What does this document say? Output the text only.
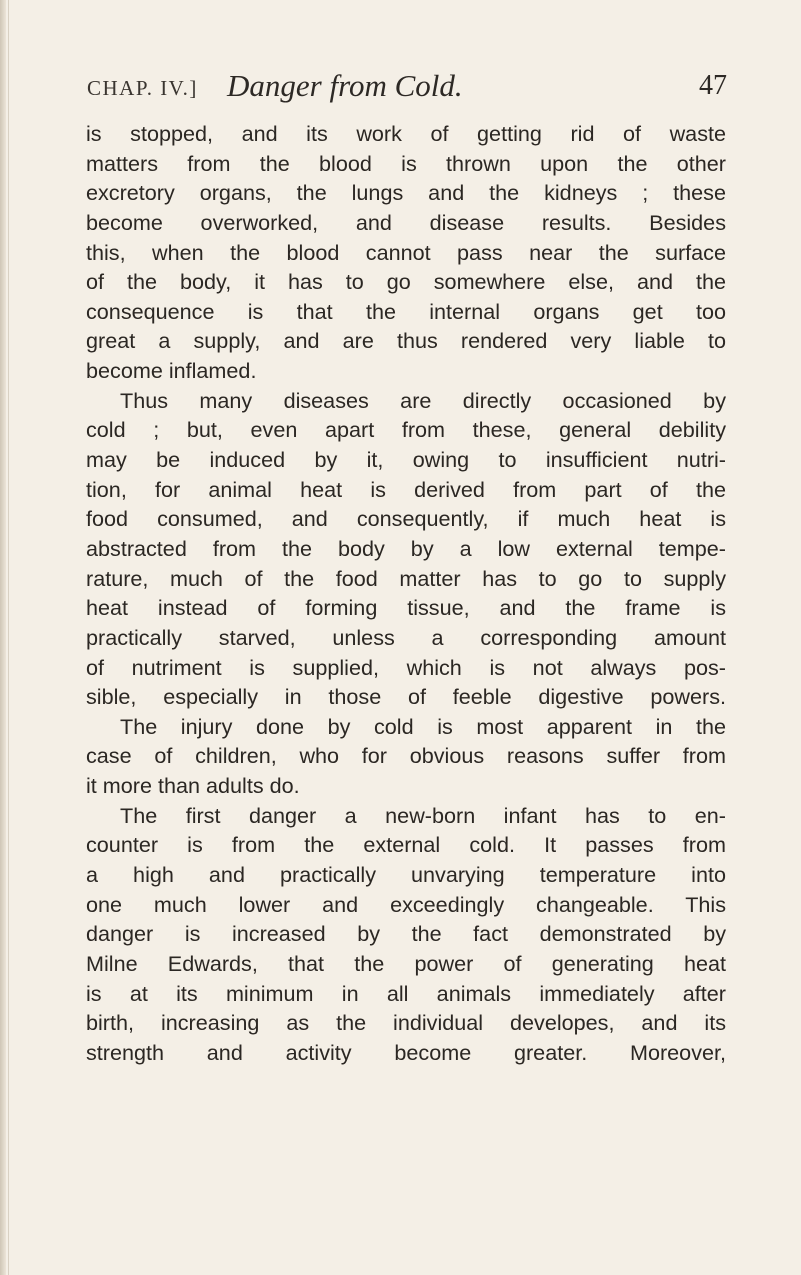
CHAP. IV.] Danger from Cold.	47
is stopped, and its work of getting rid of waste
matters from the blood is thrown upon the other
excretory organs, the lungs and the kidneys ; these
become overworked, and disease results. Besides
this, when the blood cannot pass near the surface
of the body, it has to go somewhere else, and the
consequence is that the internal organs get too
great a supply, and are thus rendered very liable to
become inflamed.
Thus many diseases are directly occasioned by
cold ; but, even apart from these, general debility
may be induced by it, owing to insufficient nutri-
tion, for animal heat is derived from part of the
food consumed, and consequently, if much heat is
abstracted from the body by a low external tempe-
rature, much of the food matter has to go to supply
heat instead of forming tissue, and the frame is
practically starved, unless a corresponding amount
of nutriment is supplied, which is not always pos-
sible, especially in those of feeble digestive powers.
The injury done by cold is most apparent in the
case of children, who for obvious reasons suffer from
it more than adults do.
The first danger a new-born infant has to en-
counter is from the external cold. It passes from
a high and practically unvarying temperature into
one much lower and exceedingly changeable. This
danger is increased by the fact demonstrated by
Milne Edwards, that the power of generating heat
is at its minimum in all animals immediately after
birth, increasing as the individual developes, and its
strength and activity become greater. Moreover,
